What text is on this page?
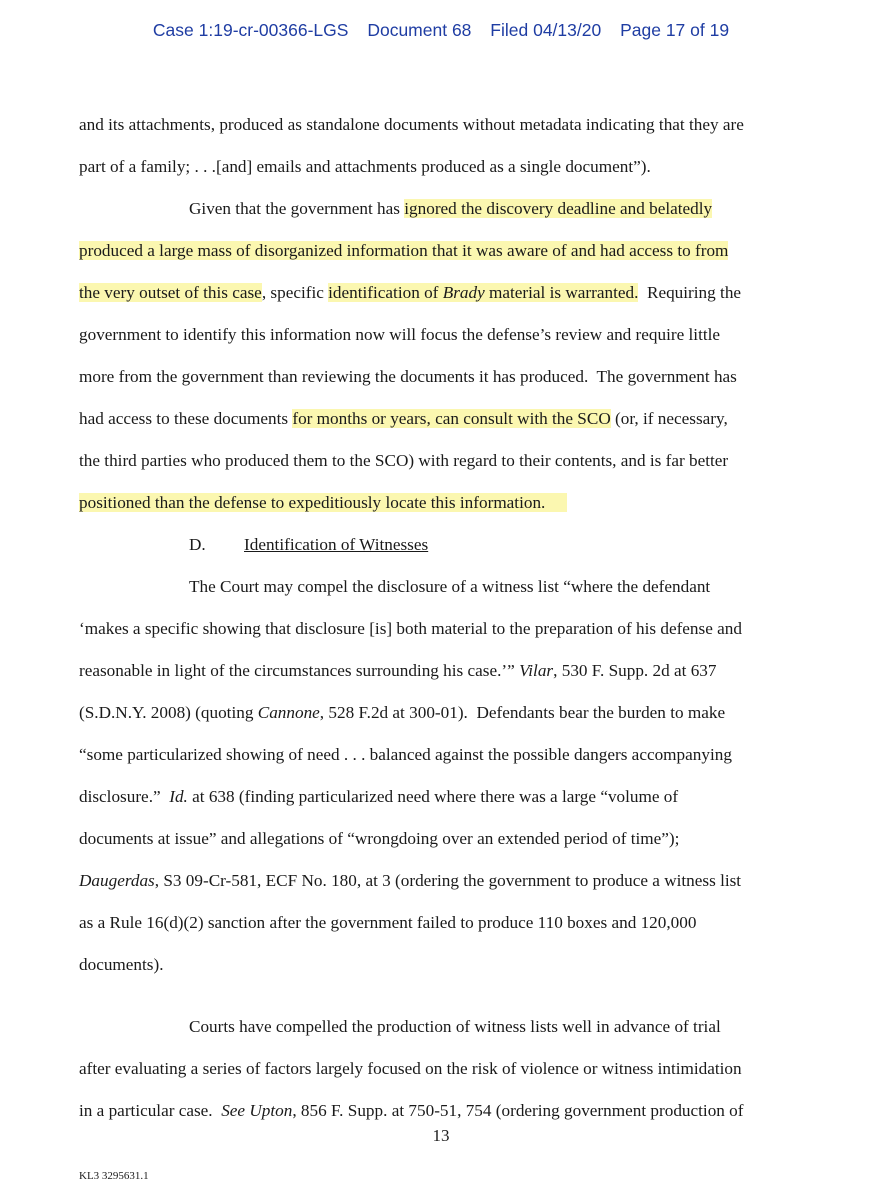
Case 1:19-cr-00366-LGS Document 68 Filed 04/13/20 Page 17 of 19
and its attachments, produced as standalone documents without metadata indicating that they are
part of a family; . . .[and] emails and attachments produced as a single document”).
Given that the government has ignored the discovery deadline and belatedly
produced a large mass of disorganized information that it was aware of and had access to from
the very outset of this case, specific identification of Brady material is warranted.  Requiring the
government to identify this information now will focus the defense’s review and require little
more from the government than reviewing the documents it has produced.  The government has
had access to these documents for months or years, can consult with the SCO (or, if necessary,
the third parties who produced them to the SCO) with regard to their contents, and is far better
positioned than the defense to expeditiously locate this information.
D. Identification of Witnesses
The Court may compel the disclosure of a witness list “where the defendant
‘makes a specific showing that disclosure [is] both material to the preparation of his defense and
reasonable in light of the circumstances surrounding his case.’” Vilar, 530 F. Supp. 2d at 637
(S.D.N.Y. 2008) (quoting Cannone, 528 F.2d at 300-01).  Defendants bear the burden to make
“some particularized showing of need . . . balanced against the possible dangers accompanying
disclosure.”  Id. at 638 (finding particularized need where there was a large “volume of
documents at issue” and allegations of “wrongdoing over an extended period of time”);
Daugerdas, S3 09-Cr-581, ECF No. 180, at 3 (ordering the government to produce a witness list
as a Rule 16(d)(2) sanction after the government failed to produce 110 boxes and 120,000
documents).
Courts have compelled the production of witness lists well in advance of trial
after evaluating a series of factors largely focused on the risk of violence or witness intimidation
in a particular case.  See Upton, 856 F. Supp. at 750-51, 754 (ordering government production of
13
KL3 3295631.1
